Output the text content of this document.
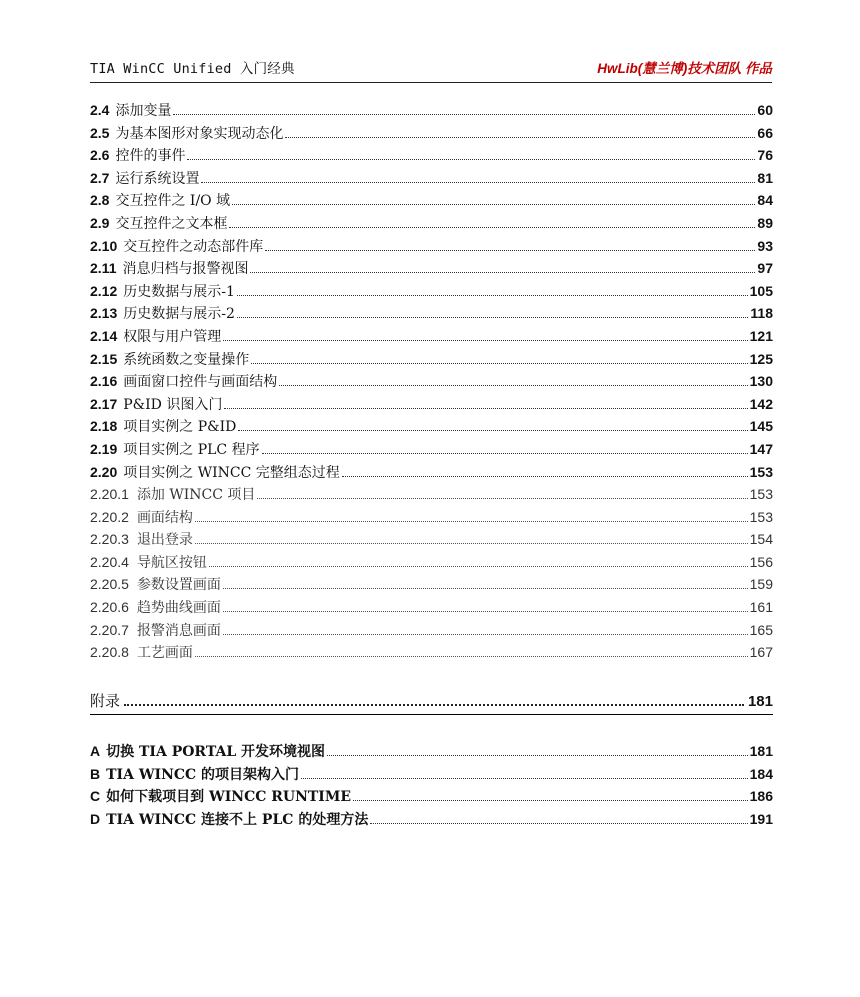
TIA WinCC Unified 入门经典	HwLib(慧兰博)技术团队 作品
2.4 添加变量	60
2.5 为基本图形对象实现动态化	66
2.6 控件的事件	76
2.7 运行系统设置	81
2.8 交互控件之 I/O 域	84
2.9 交互控件之文本框	89
2.10 交互控件之动态部件库	93
2.11 消息归档与报警视图	97
2.12 历史数据与展示-1	105
2.13 历史数据与展示-2	118
2.14 权限与用户管理	121
2.15 系统函数之变量操作	125
2.16 画面窗口控件与画面结构	130
2.17 P&ID 识图入门	142
2.18 项目实例之 P&ID	145
2.19 项目实例之 PLC 程序	147
2.20 项目实例之 WINCC 完整组态过程	153
2.20.1 添加 WINCC 项目	153
2.20.2 画面结构	153
2.20.3 退出登录	154
2.20.4 导航区按钮	156
2.20.5 参数设置画面	159
2.20.6 趋势曲线画面	161
2.20.7 报警消息画面	165
2.20.8 工艺画面	167
附录	181
A 切换 TIA PORTAL 开发环境视图	181
B TIA WINCC 的项目架构入门	184
C 如何下载项目到 WINCC RUNTIME	186
D TIA WINCC 连接不上 PLC 的处理方法	191
